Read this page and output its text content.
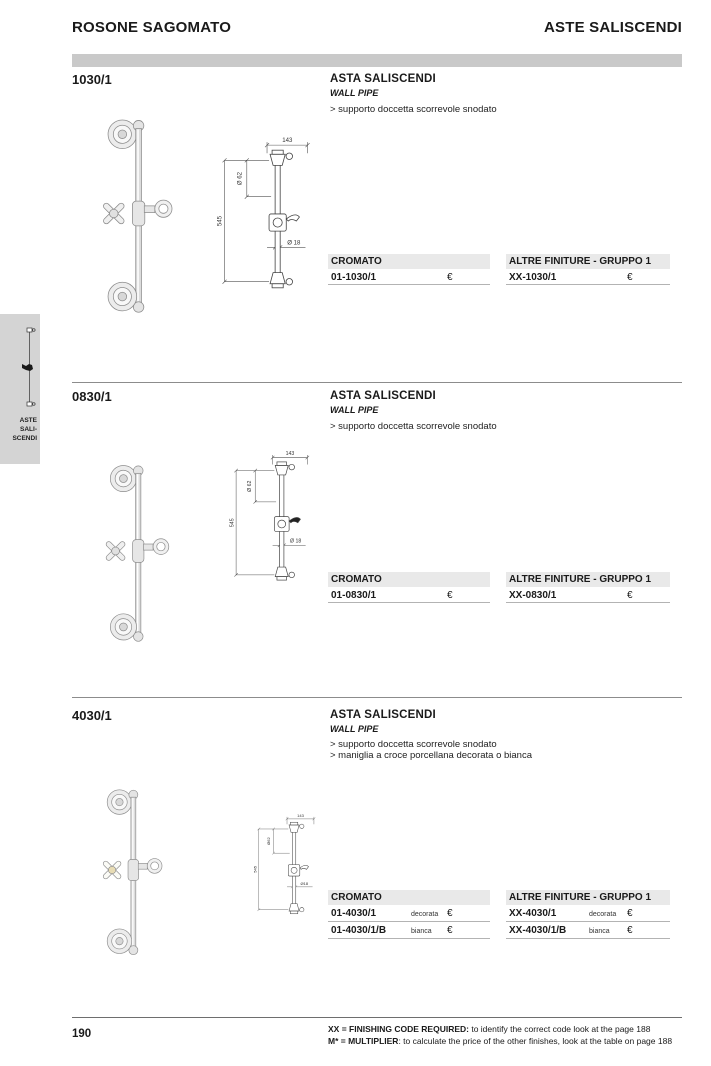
ROSONE SAGOMATO	ASTE SALISCENDI
ASTE
SALI-
SCENDI
1030/1
143
Ø 62
545
Ø 18
ASTA SALISCENDI
WALL PIPE
> supporto doccetta scorrevole snodato
CROMATO
01-1030/1	€
ALTRE FINITURE - GRUPPO 1
XX-1030/1	€
0830/1
143
Ø 62
545
Ø 18
ASTA SALISCENDI
WALL PIPE
> supporto doccetta scorrevole snodato
CROMATO
01-0830/1	€
ALTRE FINITURE - GRUPPO 1
XX-0830/1	€
4030/1
143
Ø62
545
Ø18
ASTA SALISCENDI
WALL PIPE
> supporto doccetta scorrevole snodato
> maniglia a croce porcellana decorata o bianca
CROMATO
01-4030/1	decorata €
01-4030/1/B	bianca	€
ALTRE FINITURE - GRUPPO 1
XX-4030/1	decorata	€
XX-4030/1/B	bianca	€
190	XX = FINISHING CODE REQUIRED: to identify the correct code look at the page 188
M* = MULTIPLIER: to calculate the price of the other finishes, look at the table on page 188
